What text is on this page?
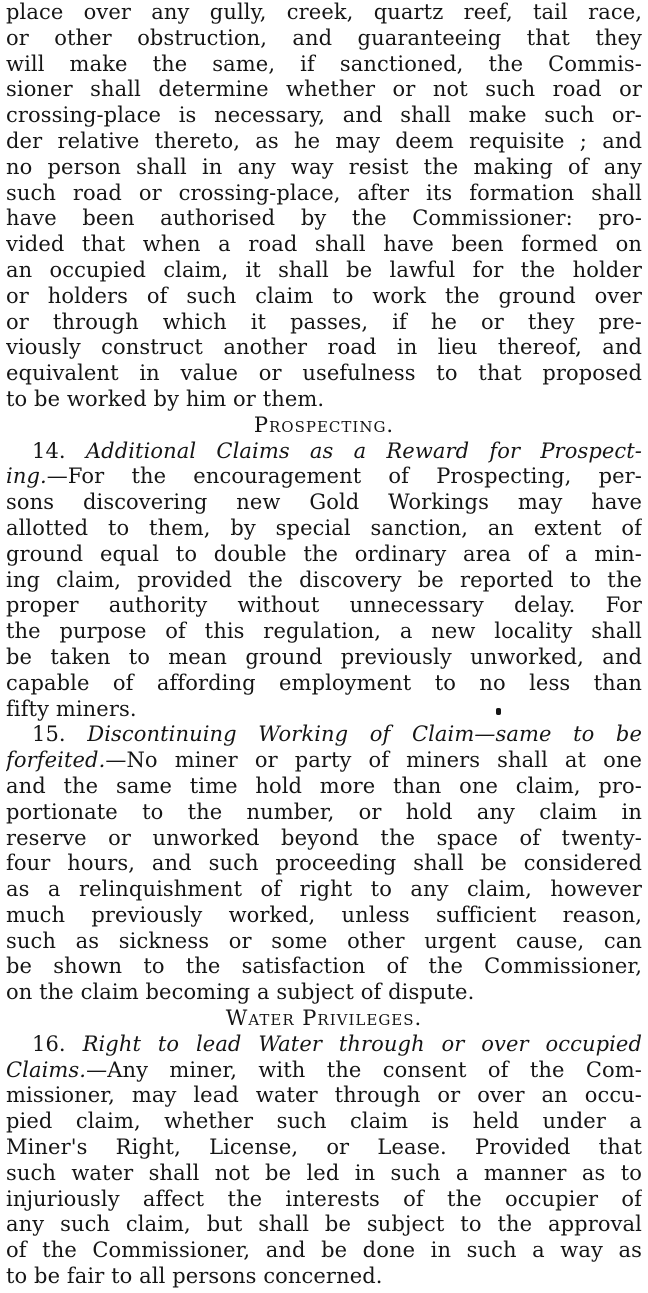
place over any gully, creek, quartz reef, tail race,
or other obstruction, and guaranteeing that they
will make the same, if sanctioned, the Commis-
sioner shall determine whether or not such road or
crossing-place is necessary, and shall make such or-
der relative thereto, as he may deem requisite ; and
no person shall in any way resist the making of any
such road or crossing-place, after its formation shall
have been authorised by the Commissioner: pro-
vided that when a road shall have been formed on
an occupied claim, it shall be lawful for the holder
or holders of such claim to work the ground over
or through which it passes, if he or they pre-
viously construct another road in lieu thereof, and
equivalent in value or usefulness to that proposed
to be worked by him or them.
Prospecting.
14. Additional Claims as a Reward for Prospect-
ing.—For the encouragement of Prospecting, per-
sons discovering new Gold Workings may have
allotted to them, by special sanction, an extent of
ground equal to double the ordinary area of a min-
ing claim, provided the discovery be reported to the
proper authority without unnecessary delay. For
the purpose of this regulation, a new locality shall
be taken to mean ground previously unworked, and
capable of affording employment to no less than
fifty miners.
15. Discontinuing Working of Claim—same to be
forfeited.—No miner or party of miners shall at one
and the same time hold more than one claim, pro-
portionate to the number, or hold any claim in
reserve or unworked beyond the space of twenty-
four hours, and such proceeding shall be considered
as a relinquishment of right to any claim, however
much previously worked, unless sufficient reason,
such as sickness or some other urgent cause, can
be shown to the satisfaction of the Commissioner,
on the claim becoming a subject of dispute.
Water Privileges.
16. Right to lead Water through or over occupied
Claims.—Any miner, with the consent of the Com-
missioner, may lead water through or over an occu-
pied claim, whether such claim is held under a
Miner's Right, License, or Lease. Provided that
such water shall not be led in such a manner as to
injuriously affect the interests of the occupier of
any such claim, but shall be subject to the approval
of the Commissioner, and be done in such a way as
to be fair to all persons concerned.
